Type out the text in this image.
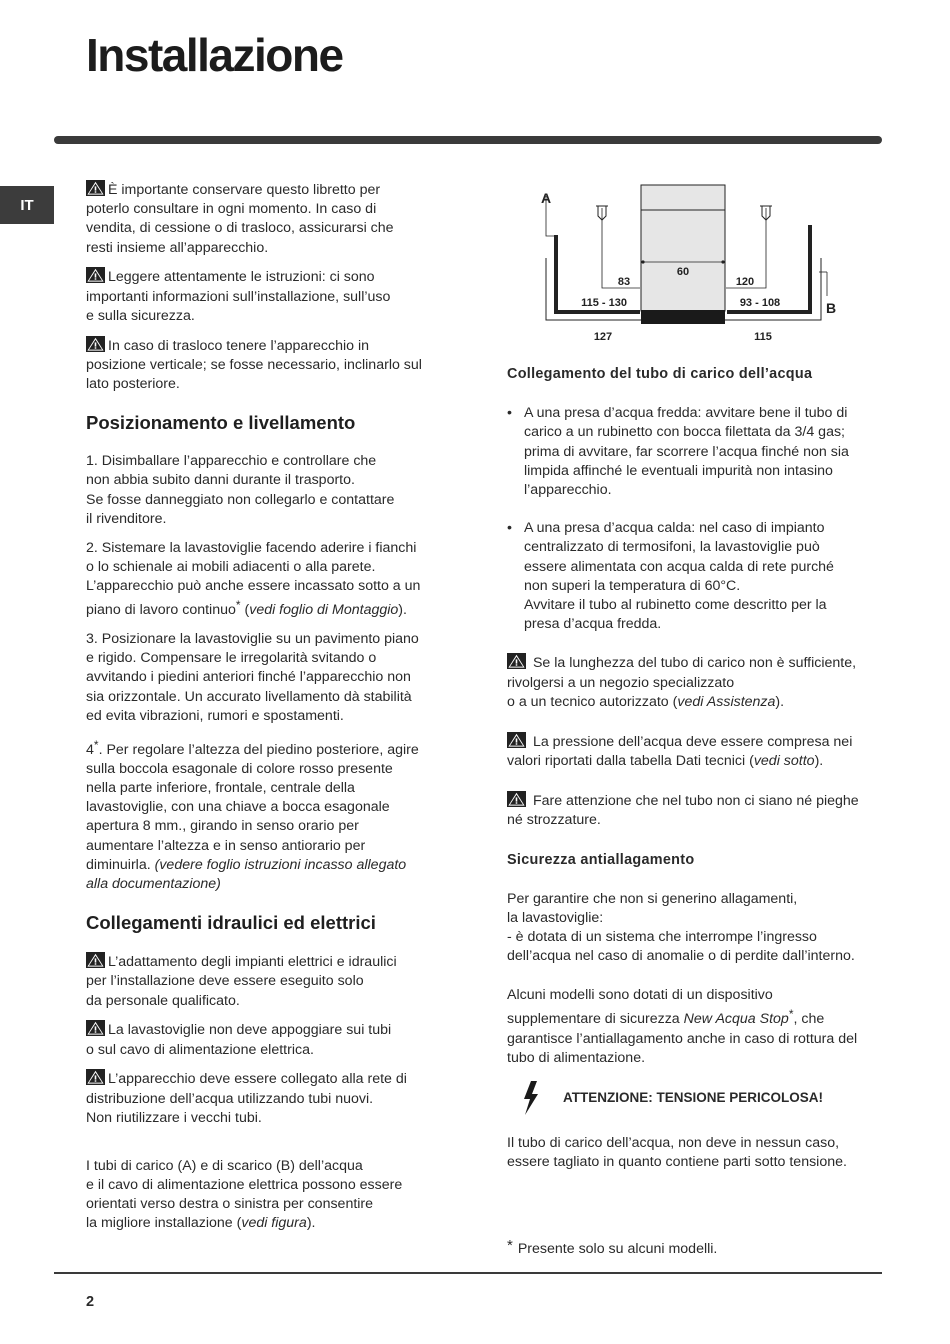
Installazione
IT

È importante conservare questo libretto per
poterlo consultare in ogni momento. In caso di
vendita, di cessione o di trasloco, assicurarsi che
resti insieme all’apparecchio.

Leggere attentamente le istruzioni: ci sono
importanti informazioni sull’installazione, sull’uso
e sulla sicurezza.

In caso di trasloco tenere l’apparecchio in
posizione verticale; se fosse necessario, inclinarlo sul
lato posteriore.

Posizionamento e livellamento

1. Disimballare l’apparecchio e controllare che
non abbia subito danni durante il trasporto.
Se fosse danneggiato non collegarlo e contattare
il rivenditore.

2. Sistemare la lavastoviglie facendo aderire i fianchi
o lo schienale ai mobili adiacenti o alla parete.
L’apparecchio può anche essere incassato sotto a un
piano di lavoro continuo* (vedi foglio di Montaggio).

3. Posizionare la lavastoviglie su un pavimento piano
e rigido. Compensare le irregolarità svitando o
avvitando i piedini anteriori finché l’apparecchio non
sia orizzontale. Un accurato livellamento dà stabilità
ed evita vibrazioni, rumori e spostamenti.

4*. Per regolare l’altezza del piedino posteriore, agire
sulla boccola esagonale di colore rosso presente
nella parte inferiore, frontale, centrale della
lavastoviglie, con una chiave a bocca esagonale
apertura 8 mm., girando in senso orario per
aumentare l’altezza e in senso antiorario per
diminuirla. (vedere foglio istruzioni incasso allegato
alla documentazione)

Collegamenti idraulici ed elettrici

L’adattamento degli impianti elettrici e idraulici
per l’installazione deve essere eseguito solo
da personale qualificato.

La lavastoviglie non deve appoggiare sui tubi
o sul cavo di alimentazione elettrica.

L’apparecchio deve essere collegato alla rete di
distribuzione dell’acqua utilizzando tubi nuovi.
Non riutilizzare i vecchi tubi.

I tubi di carico (A) e di scarico (B) dell’acqua
e il cavo di alimentazione elettrica possono essere
orientati verso destra o sinistra per consentire
la migliore installazione (vedi figura).

A
B
60
83	120
115 - 130	93 - 108
127	115
Collegamento del tubo di carico dell’acqua
• A una presa d’acqua fredda: avvitare bene il tubo di
carico a un rubinetto con bocca filettata da 3/4 gas;
prima di avvitare, far scorrere l’acqua finché non sia
limpida affinché le eventuali impurità non intasino
l’apparecchio.
• A una presa d’acqua calda: nel caso di impianto
centralizzato di termosifoni, la lavastoviglie può
essere alimentata con acqua calda di rete purché
non superi la temperatura di 60°C.
Avvitare il tubo al rubinetto come descritto per la
presa d’acqua fredda.

Se la lunghezza del tubo di carico non è sufficiente,
rivolgersi a un negozio specializzato
o a un tecnico autorizzato (vedi Assistenza).

La pressione dell’acqua deve essere compresa nei
valori riportati dalla tabella Dati tecnici (vedi sotto).

Fare attenzione che nel tubo non ci siano né pieghe
né strozzature.

Sicurezza antiallagamento

Per garantire che non si generino allagamenti,
la lavastoviglie:
- è dotata di un sistema che interrompe l’ingresso
dell’acqua nel caso di anomalie o di perdite dall’interno.

Alcuni modelli sono dotati di un dispositivo
supplementare di sicurezza New Acqua Stop*, che
garantisce l’antiallagamento anche in caso di rottura del
tubo di alimentazione.

ATTENZIONE: TENSIONE PERICOLOSA!

Il tubo di carico dell’acqua, non deve in nessun caso,
essere tagliato in quanto contiene parti sotto tensione.

* Presente solo su alcuni modelli.
2
